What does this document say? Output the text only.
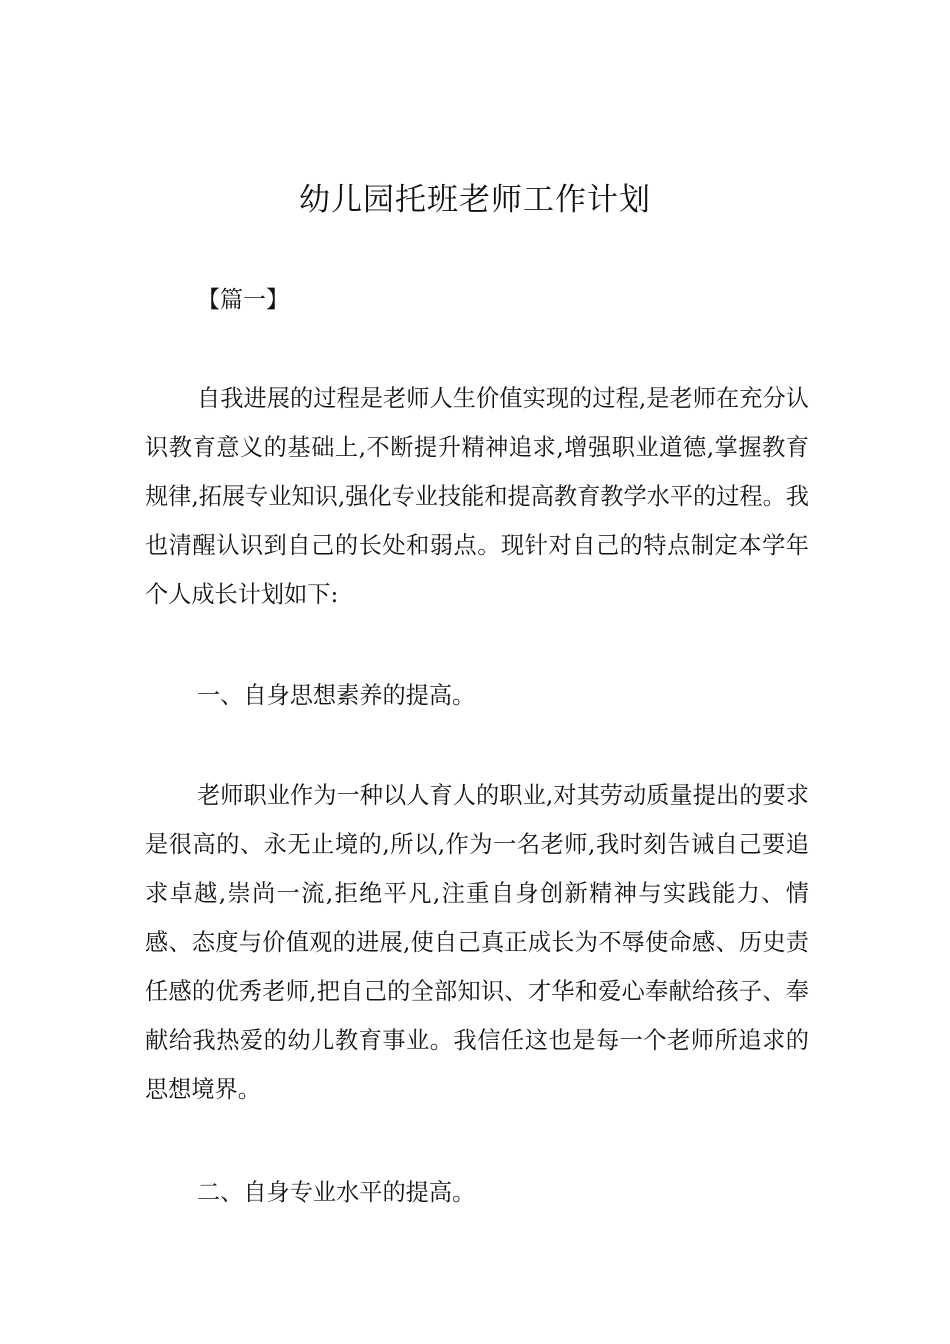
幼儿园托班老师工作计划

【篇一】

自我进展的过程是老师人生价值实现的过程,是老师在充分认识教育意义的基础上,不断提升精神追求,增强职业道德,掌握教育规律,拓展专业知识,强化专业技能和提高教育教学水平的过程。我也清醒认识到自己的长处和弱点。现针对自己的特点制定本学年个人成长计划如下:

一、自身思想素养的提高。

老师职业作为一种以人育人的职业,对其劳动质量提出的要求是很高的、永无止境的,所以,作为一名老师,我时刻告诫自己要追求卓越,崇尚一流,拒绝平凡,注重自身创新精神与实践能力、情感、态度与价值观的进展,使自己真正成长为不辱使命感、历史责任感的优秀老师,把自己的全部知识、才华和爱心奉献给孩子、奉献给我热爱的幼儿教育事业。我信任这也是每一个老师所追求的思想境界。

二、自身专业水平的提高。
